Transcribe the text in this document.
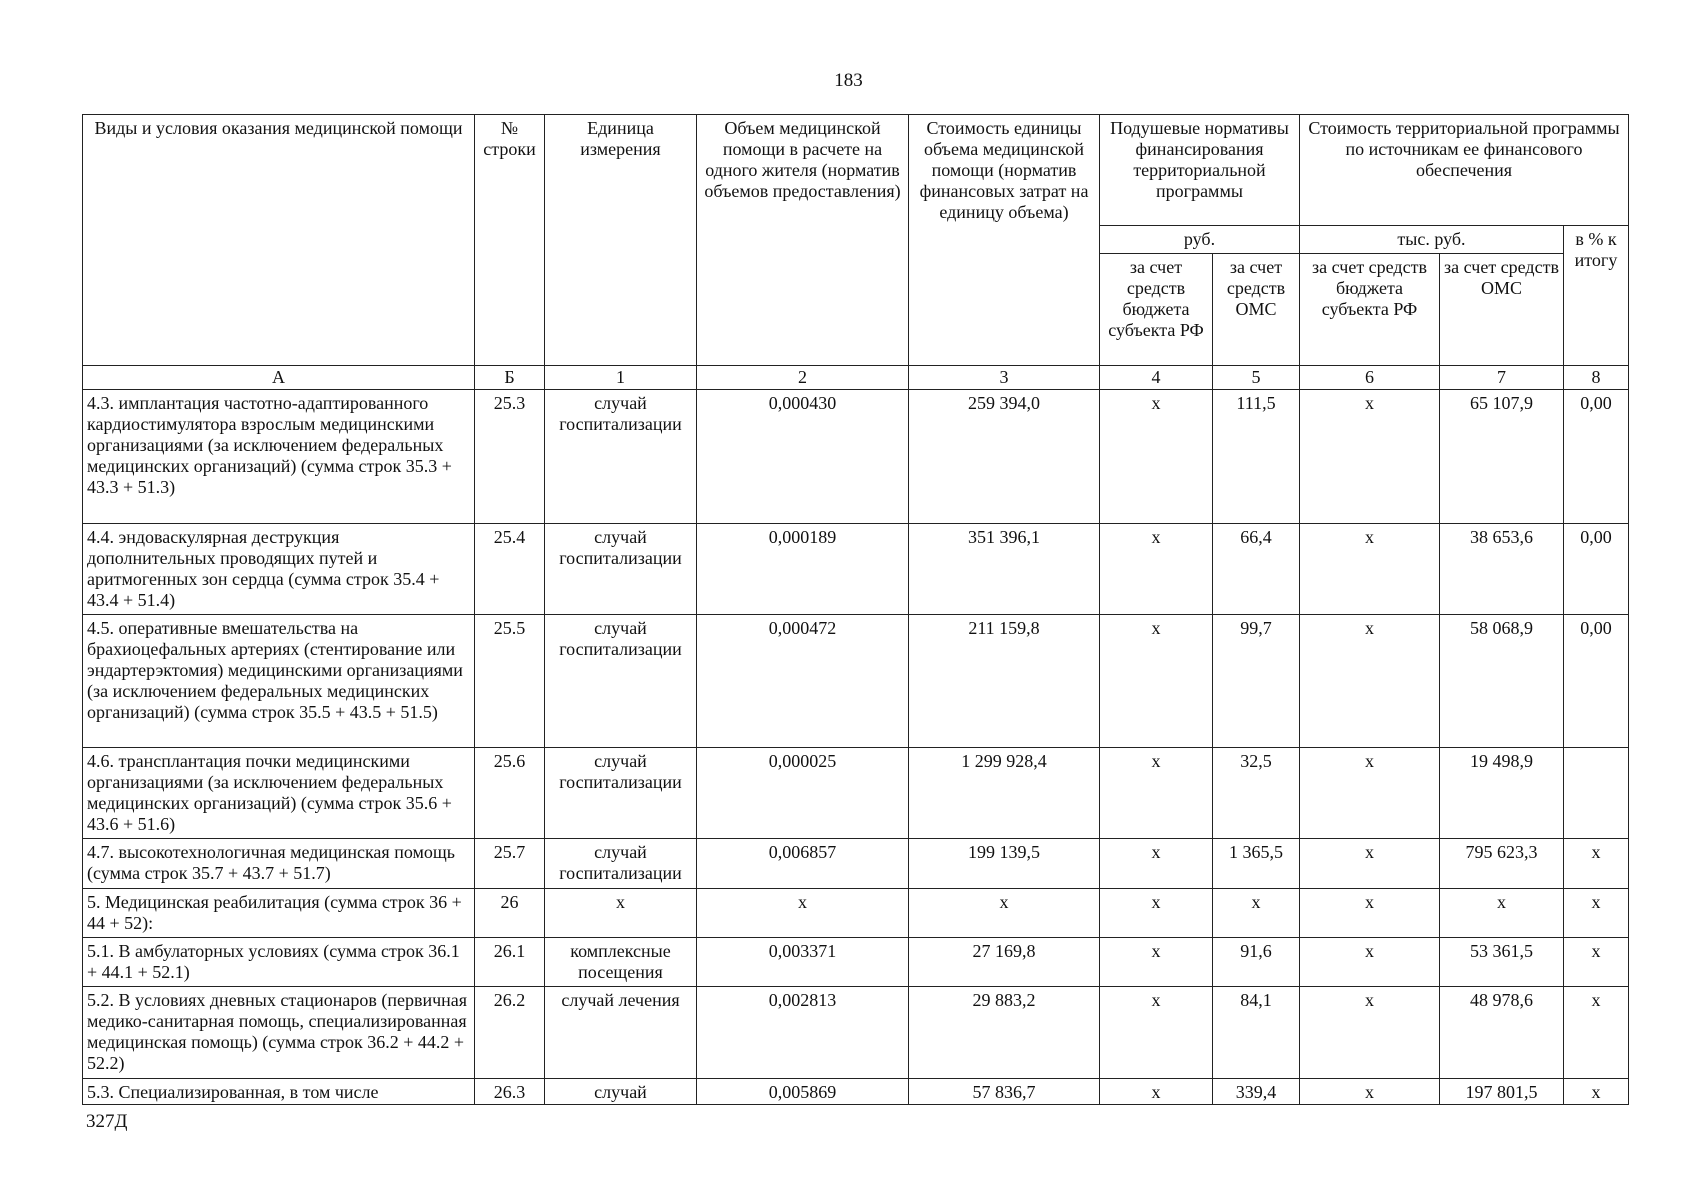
183
Виды и условия оказания медицинской помощи	№ строки	Единица измерения	Объем медицинской помощи в расчете на одного жителя (норматив объемов предоставления)	Стоимость единицы объема медицинской помощи (норматив финансовых затрат на единицу объема)	Подушевые нормативы финансирования территориальной программы		Стоимость территориальной программы по источникам ее финансового обеспечения		
					руб.		тыс. руб.		в % к итогу
					за счет средств бюджета субъекта РФ	за счет средств ОМС	за счет средств бюджета субъекта РФ	за счет средств ОМС	
А	Б	1	2	3	4	5	6	7	8
4.3. имплантация частотно-адаптированного кардиостимулятора взрослым медицинскими организациями (за исключением федеральных медицинских организаций) (сумма строк 35.3 + 43.3 + 51.3)	25.3	случай госпитализации	0,000430	259 394,0	х	111,5	х	65 107,9	0,00
4.4. эндоваскулярная деструкция дополнительных проводящих путей и аритмогенных зон сердца (сумма строк 35.4 + 43.4 + 51.4)	25.4	случай госпитализации	0,000189	351 396,1	х	66,4	х	38 653,6	0,00
4.5. оперативные вмешательства на брахиоцефальных артериях (стентирование или эндартерэктомия) медицинскими организациями (за исключением федеральных медицинских организаций) (сумма строк 35.5 + 43.5 + 51.5)	25.5	случай госпитализации	0,000472	211 159,8	х	99,7	х	58 068,9	0,00
4.6. трансплантация почки медицинскими организациями (за исключением федеральных медицинских организаций) (сумма строк 35.6 + 43.6 + 51.6)	25.6	случай госпитализации	0,000025	1 299 928,4	х	32,5	х	19 498,9	
4.7. высокотехнологичная медицинская помощь (сумма строк 35.7 + 43.7 + 51.7)	25.7	случай госпитализации	0,006857	199 139,5	х	1 365,5	х	795 623,3	х
5. Медицинская реабилитация (сумма строк 36 + 44 + 52):	26	х	х	х	х	х	х	х	х
5.1. В амбулаторных условиях (сумма строк 36.1 + 44.1 + 52.1)	26.1	комплексные посещения	0,003371	27 169,8	х	91,6	х	53 361,5	х
5.2. В условиях дневных стационаров (первичная медико-санитарная помощь, специализированная медицинская помощь) (сумма строк 36.2 + 44.2 + 52.2)	26.2	случай лечения	0,002813	29 883,2	х	84,1	х	48 978,6	х
5.3. Специализированная, в том числе	26.3	случай	0,005869	57 836,7	х	339,4	х	197 801,5	х
327Д
